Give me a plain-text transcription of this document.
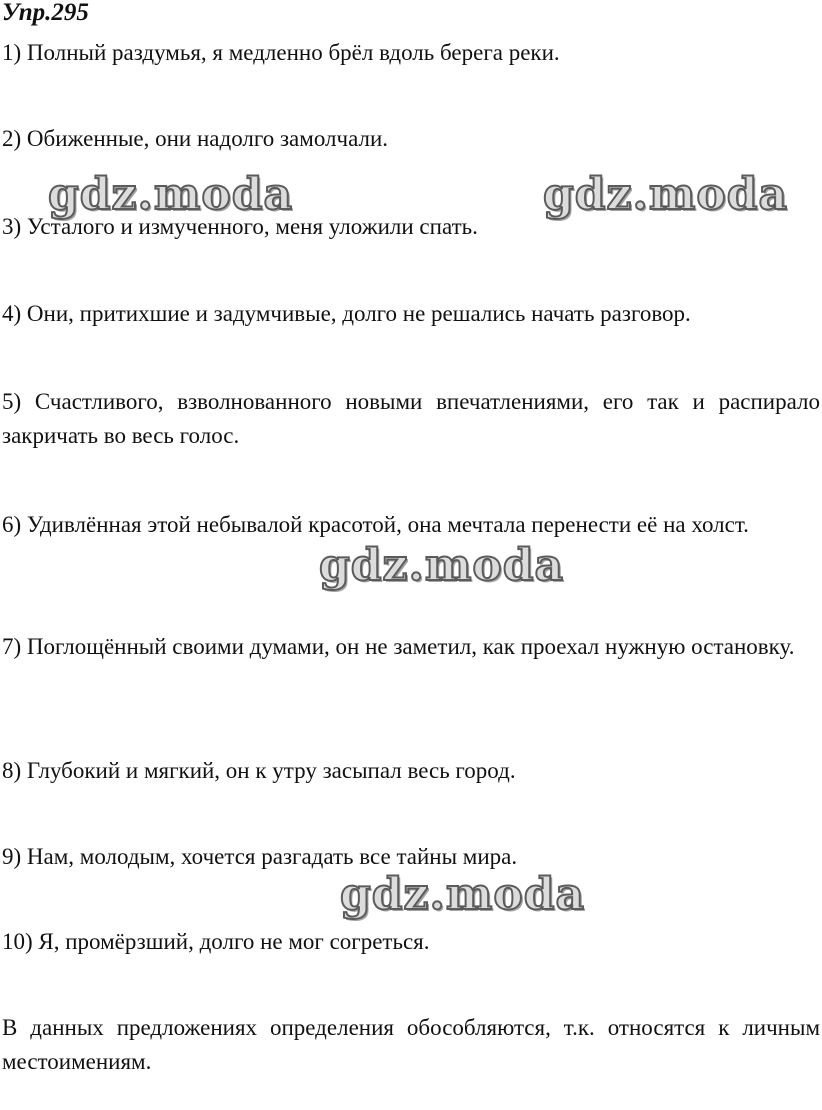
Упр.295

1) Полный раздумья, я медленно брёл вдоль берега реки.

2) Обиженные, они надолго замолчали.

3) Усталого и измученного, меня уложили спать.

4) Они, притихшие и задумчивые, долго не решались начать разговор.

5) Счастливого, взволнованного новыми впечатлениями, его так и распирало закричать во весь голос.

6) Удивлённая этой небывалой красотой, она мечтала перенести её на холст.

7) Поглощённый своими думами, он не заметил, как проехал нужную остановку.

8) Глубокий и мягкий, он к утру засыпал весь город.

9) Нам, молодым, хочется разгадать все тайны мира.

10) Я, промёрзший, долго не мог согреться.

В данных предложениях определения обособляются, т.к. относятся к личным местоимениям.

gdz.moda	gdz.moda
gdz.moda
gdz.moda
